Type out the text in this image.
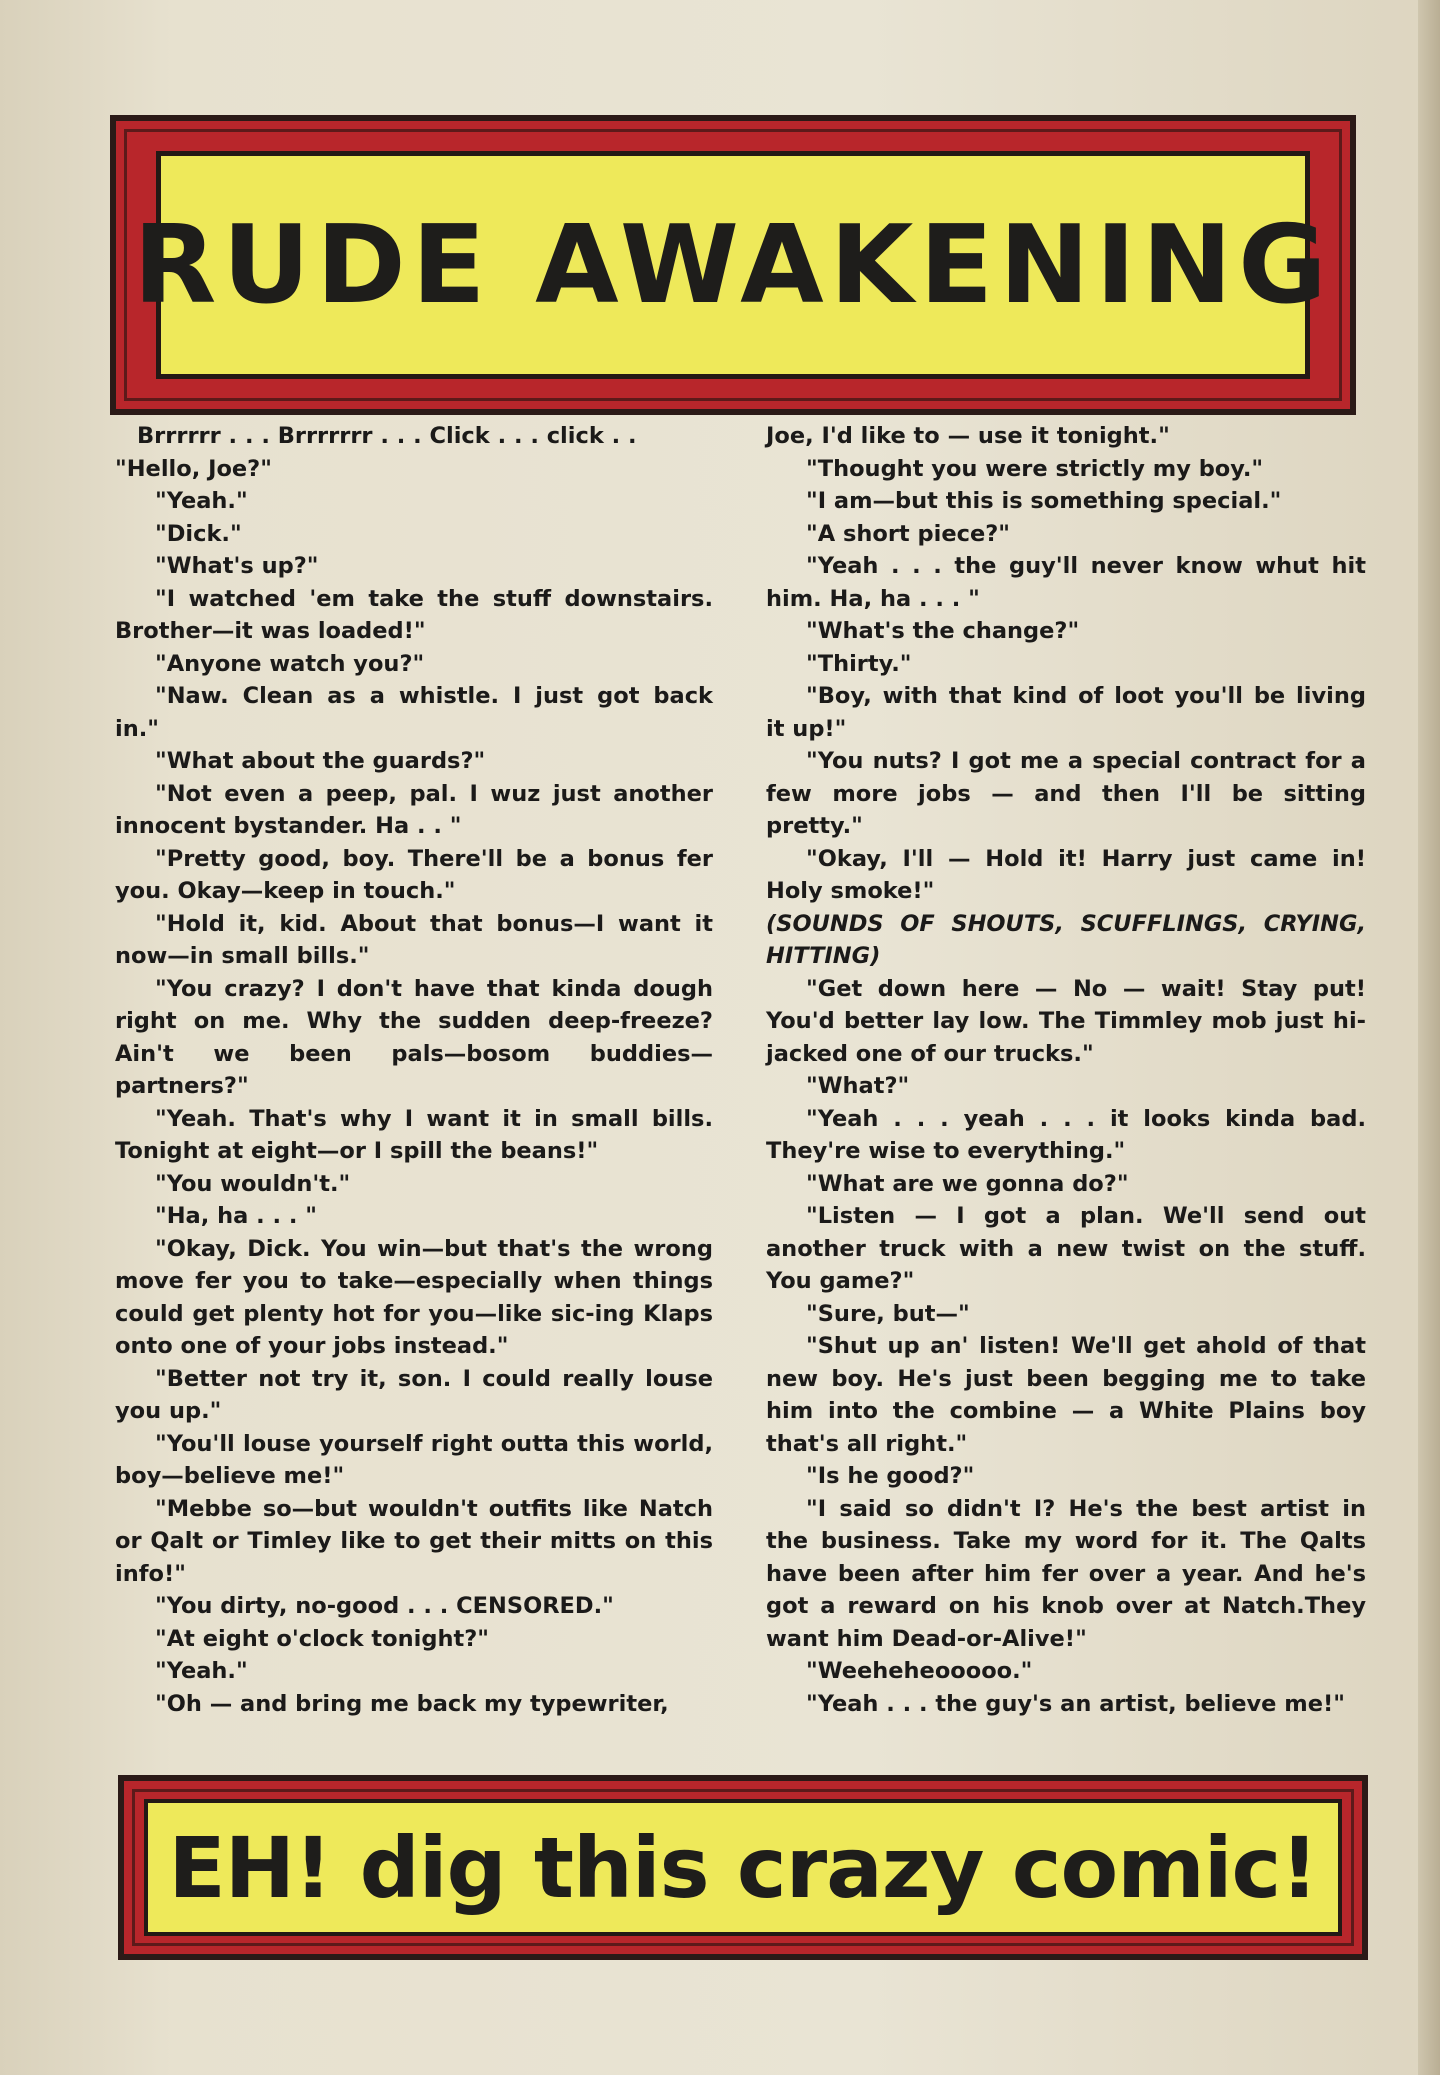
RUDE AWAKENING

Brrrrrr . . . Brrrrrrr . . . Click . . . click . .

"Hello, Joe?"

"Yeah."

"Dick."

"What's up?"

"I watched 'em take the stuff downstairs. Brother—it was loaded!"

"Anyone watch you?"

"Naw. Clean as a whistle. I just got back in."

"What about the guards?"

"Not even a peep, pal. I wuz just another innocent bystander. Ha . . "

"Pretty good, boy. There'll be a bonus fer you. Okay—keep in touch."

"Hold it, kid. About that bonus—I want it now—in small bills."

"You crazy? I don't have that kinda dough right on me. Why the sudden deep-freeze? Ain't we been pals—bosom buddies—partners?"

"Yeah. That's why I want it in small bills. Tonight at eight—or I spill the beans!"

"You wouldn't."

"Ha, ha . . . "

"Okay, Dick. You win—but that's the wrong move fer you to take—especially when things could get plenty hot for you—like sic-ing Klaps onto one of your jobs instead."

"Better not try it, son. I could really louse you up."

"You'll louse yourself right outta this world, boy—believe me!"

"Mebbe so—but wouldn't outfits like Natch or Qalt or Timley like to get their mitts on this info!"

"You dirty, no-good . . . CENSORED."

"At eight o'clock tonight?"

"Yeah."

"Oh — and bring me back my typewriter,

Joe, I'd like to — use it tonight."

"Thought you were strictly my boy."

"I am—but this is something special."

"A short piece?"

"Yeah . . . the guy'll never know whut hit him. Ha, ha . . . "

"What's the change?"

"Thirty."

"Boy, with that kind of loot you'll be living it up!"

"You nuts? I got me a special contract for a few more jobs — and then I'll be sitting pretty."

"Okay, I'll — Hold it! Harry just came in! Holy smoke!"

(SOUNDS OF SHOUTS, SCUFFLINGS, CRYING, HITTING)

"Get down here — No — wait! Stay put! You'd better lay low. The Timmley mob just hi-jacked one of our trucks."

"What?"

"Yeah . . . yeah . . . it looks kinda bad. They're wise to everything."

"What are we gonna do?"

"Listen — I got a plan. We'll send out another truck with a new twist on the stuff. You game?"

"Sure, but—"

"Shut up an' listen! We'll get ahold of that new boy. He's just been begging me to take him into the combine — a White Plains boy that's all right."

"Is he good?"

"I said so didn't I? He's the best artist in the business. Take my word for it. The Qalts have been after him fer over a year. And he's got a reward on his knob over at Natch.They want him Dead-or-Alive!"

"Weeheheooooo."

"Yeah . . . the guy's an artist, believe me!"

EH! dig this crazy comic!
